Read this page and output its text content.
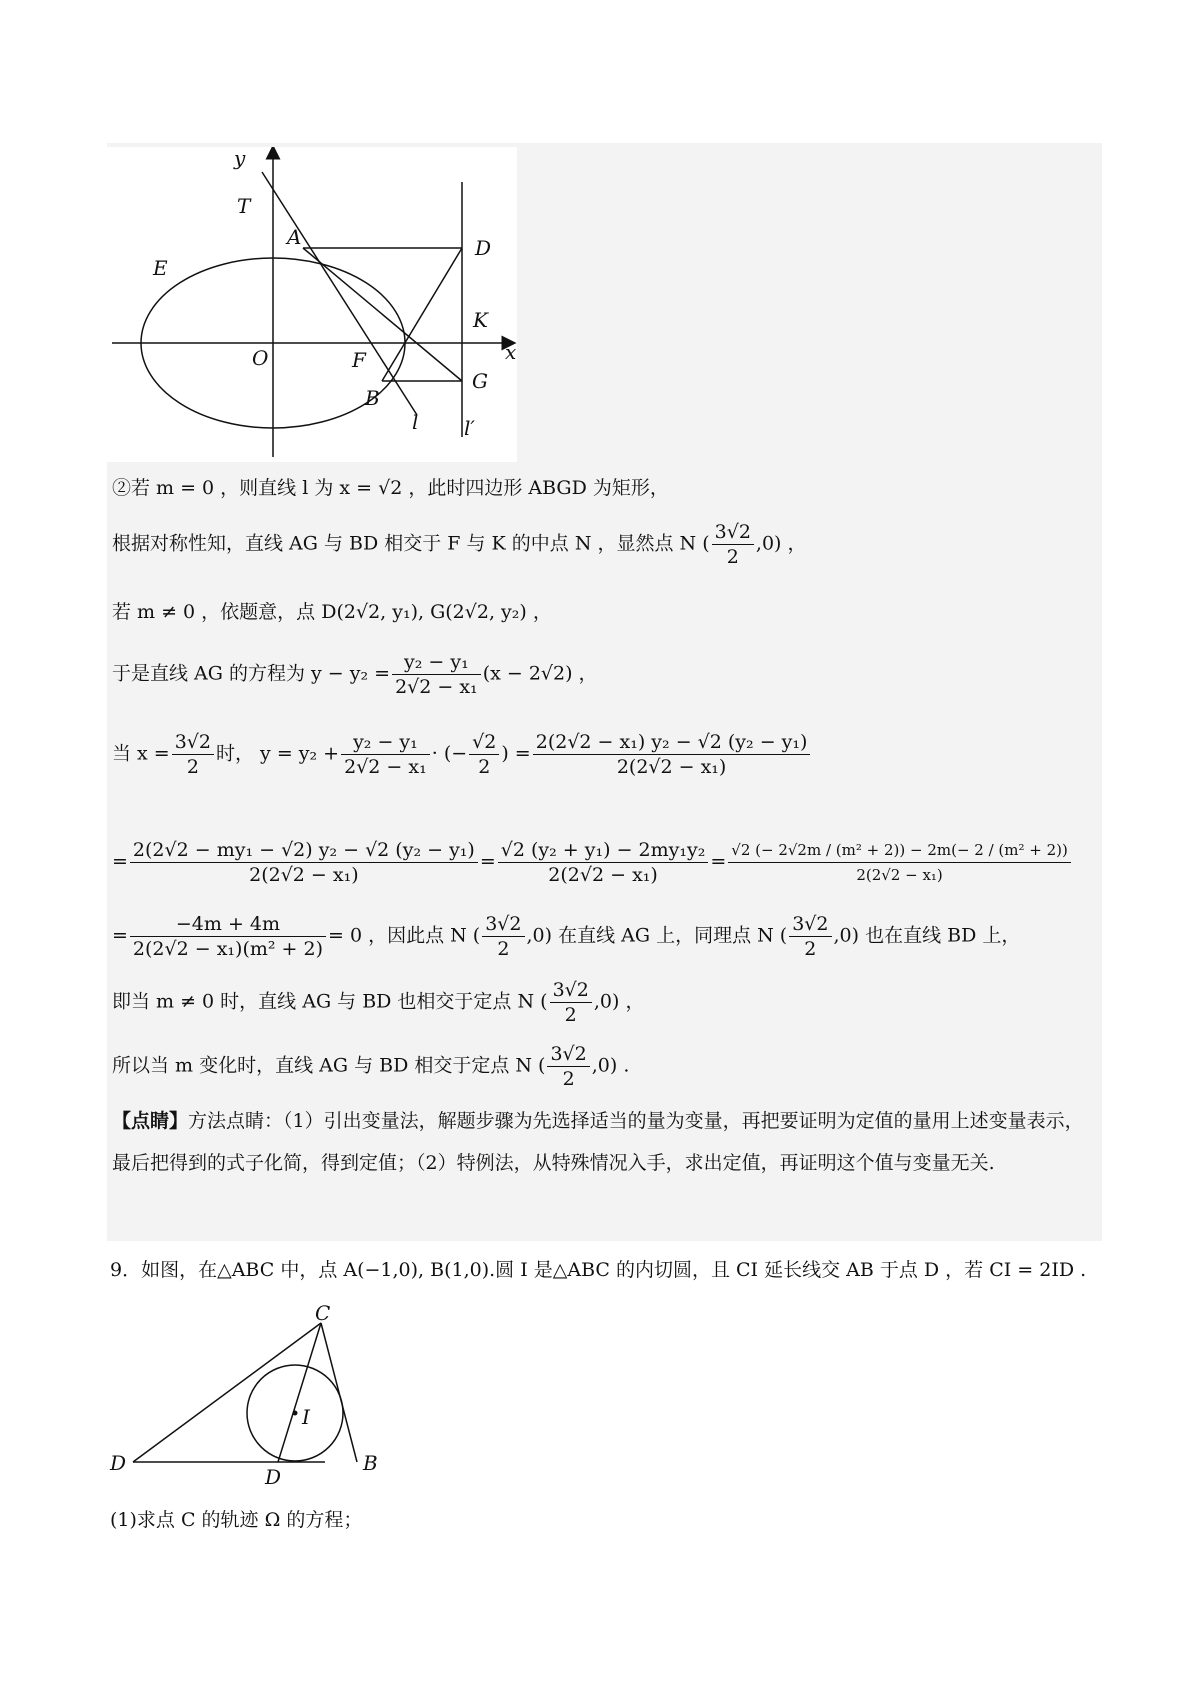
y
T
A	D
E
K
x
O	F
G
B
l l′
②若 m = 0 ，则直线 l 为 x = √2 ，此时四边形 ABGD 为矩形，
根据对称性知，直线 AG 与 BD 相交于 F 与 K 的中点 N ，显然点 N ( $\frac{3√2}{2} ,0$) ，
若 m ≠ 0 ，依题意，点 D(2√2, y₁), G(2√2, y₂) ，
于是直线 AG 的方程为 $y - y_2 = \frac{\text{y₂ − y₁}}{\text{2√2 − x₁}} (x - 2√2)$ ，
当 $x = \frac{3√2}{2}$ 时， $y = y_2 + \frac{\text{y₂ − y₁}}{\text{2√2 − x₁}}$ · (− $\frac{√2}{2}$ ) = $\frac{\text{2(2√2 − x₁) y₂ − √2 (y₂ − y₁)}}{\text{2(2√2 − x₁)}}$
= $\frac{\text{2(2√2 − my₁ − √2) y₂ − √2 (y₂ − y₁)}}{\text{2(2√2 − x₁)}} = \frac{\text{√2 (y₂ + y₁) − 2my₁y₂}}{\text{2(2√2 − x₁)}} = \frac{\text{√2 (− 2√2m / (m² + 2)) − 2m(− 2 / (m² + 2))}}{\text{2(2√2 − x₁)}}$
= $\frac{-4m + 4m}{\text{2(2√2 − x₁)(m² + 2)}} = 0$ ，因此点 N ( $\frac{3√2}{2} ,0$) 在直线 AG 上，同理点 N ( $\frac{3√2}{2} ,0$) 也在直线 BD 上，
即当 m ≠ 0 时，直线 AG 与 BD 也相交于定点 N ( $\frac{3√2}{2} ,0$) ，
所以当 m 变化时，直线 AG 与 BD 相交于定点 N ( $\frac{3√2}{2} ,0$) .
【点睛】方法点睛：（1）引出变量法，解题步骤为先选择适当的量为变量，再把要证明为定值的量用上述变量表示，最后把得到的式子化简，得到定值；（2）特例法，从特殊情况入手，求出定值，再证明这个值与变量无关.
9．如图，在△ABC 中，点 A(−1,0), B(1,0).圆 I 是△ABC 的内切圆，且 CI 延长线交 AB 于点 D ，若 CI = 2ID .
C
I
D
D
B
(1)求点 C 的轨迹 Ω 的方程；
